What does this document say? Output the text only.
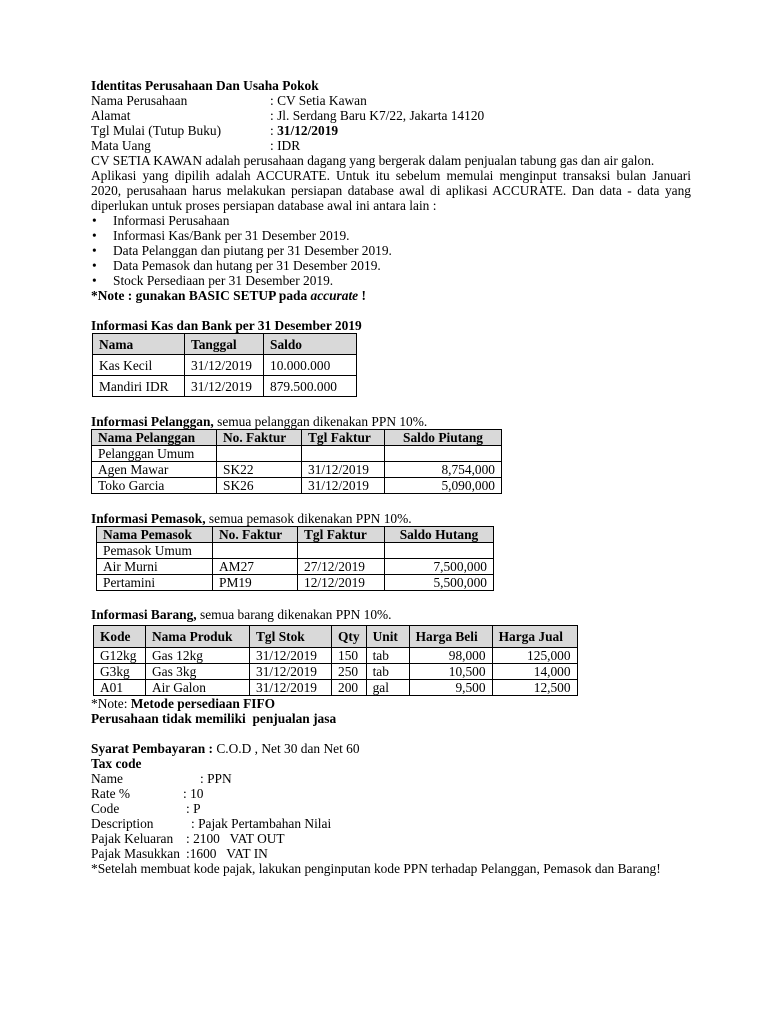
Identitas Perusahaan Dan Usaha Pokok
Nama Perusahaan	: CV Setia Kawan
Alamat	: Jl. Serdang Baru K7/22, Jakarta 14120
Tgl Mulai (Tutup Buku)	: 31/12/2019
Mata Uang	: IDR

CV SETIA KAWAN adalah perusahaan dagang yang bergerak dalam penjualan tabung gas dan air galon.

Aplikasi yang dipilih adalah ACCURATE. Untuk itu sebelum memulai menginput transaksi bulan Januari 2020, perusahaan harus melakukan persiapan database awal di aplikasi ACCURATE. Dan data - data yang diperlukan untuk proses persiapan database awal ini antara lain :

• Informasi Perusahaan
• Informasi Kas/Bank per 31 Desember 2019.
• Data Pelanggan dan piutang per 31 Desember 2019.
• Data Pemasok dan hutang per 31 Desember 2019.
• Stock Persediaan per 31 Desember 2019.
*Note : gunakan BASIC SETUP pada accurate !
Informasi Kas dan Bank per 31 Desember 2019
Nama	Tanggal	Saldo
Kas Kecil	31/12/2019	10.000.000
Mandiri IDR	31/12/2019	879.500.000
Informasi Pelanggan, semua pelanggan dikenakan PPN 10%.
Nama Pelanggan	No. Faktur	Tgl Faktur	Saldo Piutang
Pelanggan Umum			
Agen Mawar	SK22	31/12/2019	8,754,000
Toko Garcia	SK26	31/12/2019	5,090,000
Informasi Pemasok, semua pemasok dikenakan PPN 10%.
Nama Pemasok	No. Faktur	Tgl Faktur	Saldo Hutang
Pemasok Umum			
Air Murni	AM27	27/12/2019	7,500,000
Pertamini	PM19	12/12/2019	5,500,000
Informasi Barang, semua barang dikenakan PPN 10%.
Kode	Nama Produk	Tgl Stok	Qty	Unit	Harga Beli	Harga Jual
G12kg	Gas 12kg	31/12/2019	150	tab	98,000	125,000
G3kg	Gas 3kg	31/12/2019	250	tab	10,500	14,000
A01	Air Galon	31/12/2019	200	gal	9,500	12,500
*Note: Metode persediaan FIFO
Perusahaan tidak memiliki  penjualan jasa
Syarat Pembayaran : C.O.D , Net 30 dan Net 60
Tax code
Name	: PPN
Rate %	: 10
Code	: P
Description	: Pajak Pertambahan Nilai
Pajak Keluaran : 2100   VAT OUT
Pajak Masukkan :1600   VAT IN

*Setelah membuat kode pajak, lakukan penginputan kode PPN terhadap Pelanggan, Pemasok dan Barang!
